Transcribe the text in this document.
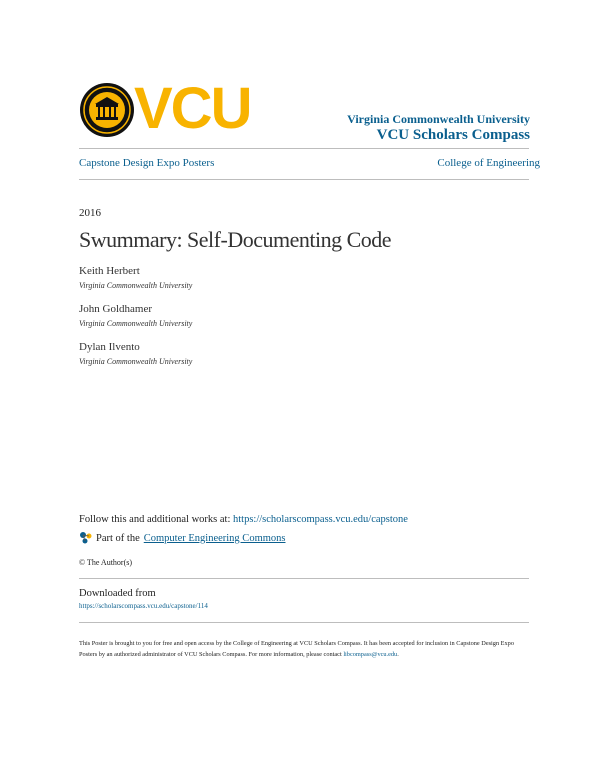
VCU	Virginia Commonwealth University
VCU Scholars Compass
Capstone Design Expo Posters	College of Engineering
2016
Swummary: Self-Documenting Code
Keith Herbert
Virginia Commonwealth University
John Goldhamer
Virginia Commonwealth University
Dylan Ilvento
Virginia Commonwealth University
Follow this and additional works at: https://scholarscompass.vcu.edu/capstone
Part of the Computer Engineering Commons
© The Author(s)
Downloaded from
https://scholarscompass.vcu.edu/capstone/114
This Poster is brought to you for free and open access by the College of Engineering at VCU Scholars Compass. It has been accepted for inclusion in Capstone Design Expo Posters by an authorized administrator of VCU Scholars Compass. For more information, please contact libcompass@vcu.edu.
